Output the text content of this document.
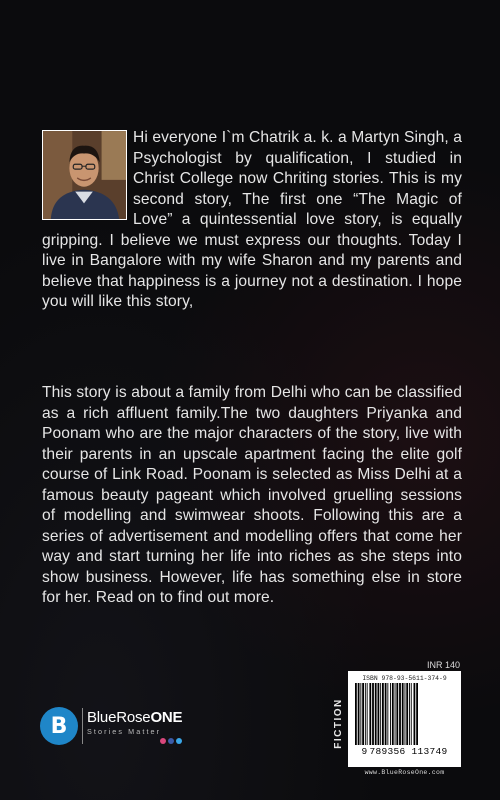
Hi everyone I`m Chatrik a. k. a Martyn Singh, a Psychologist by qualification, I studied in Christ College now Chriting stories. This is my second story, The first one “The Magic of Love” a quintessential love story, is equally gripping. I believe we must express our thoughts. Today I live in Bangalore with my wife Sharon and my parents and believe that happiness is a journey not a destination. I hope you will like this story,
This story is about a family from Delhi who can be classified as a rich affluent family.The two daughters Priyanka and Poonam who are the major characters of the story, live with their parents in an upscale apartment facing the elite golf course of Link Road. Poonam is selected as Miss Delhi at a famous beauty pageant which involved gruelling sessions of modelling and swimwear shoots. Following this are a series of advertisement and modelling offers that come her way and start turning her life into riches as she steps into show business. However, life has something else in store for her. Read on to find out more.
INR 140
FICTION
ISBN 978-93-5611-374-9
9 789356 113749
www.BlueRoseOne.com
B BlueRoseONE
Stories Matter
